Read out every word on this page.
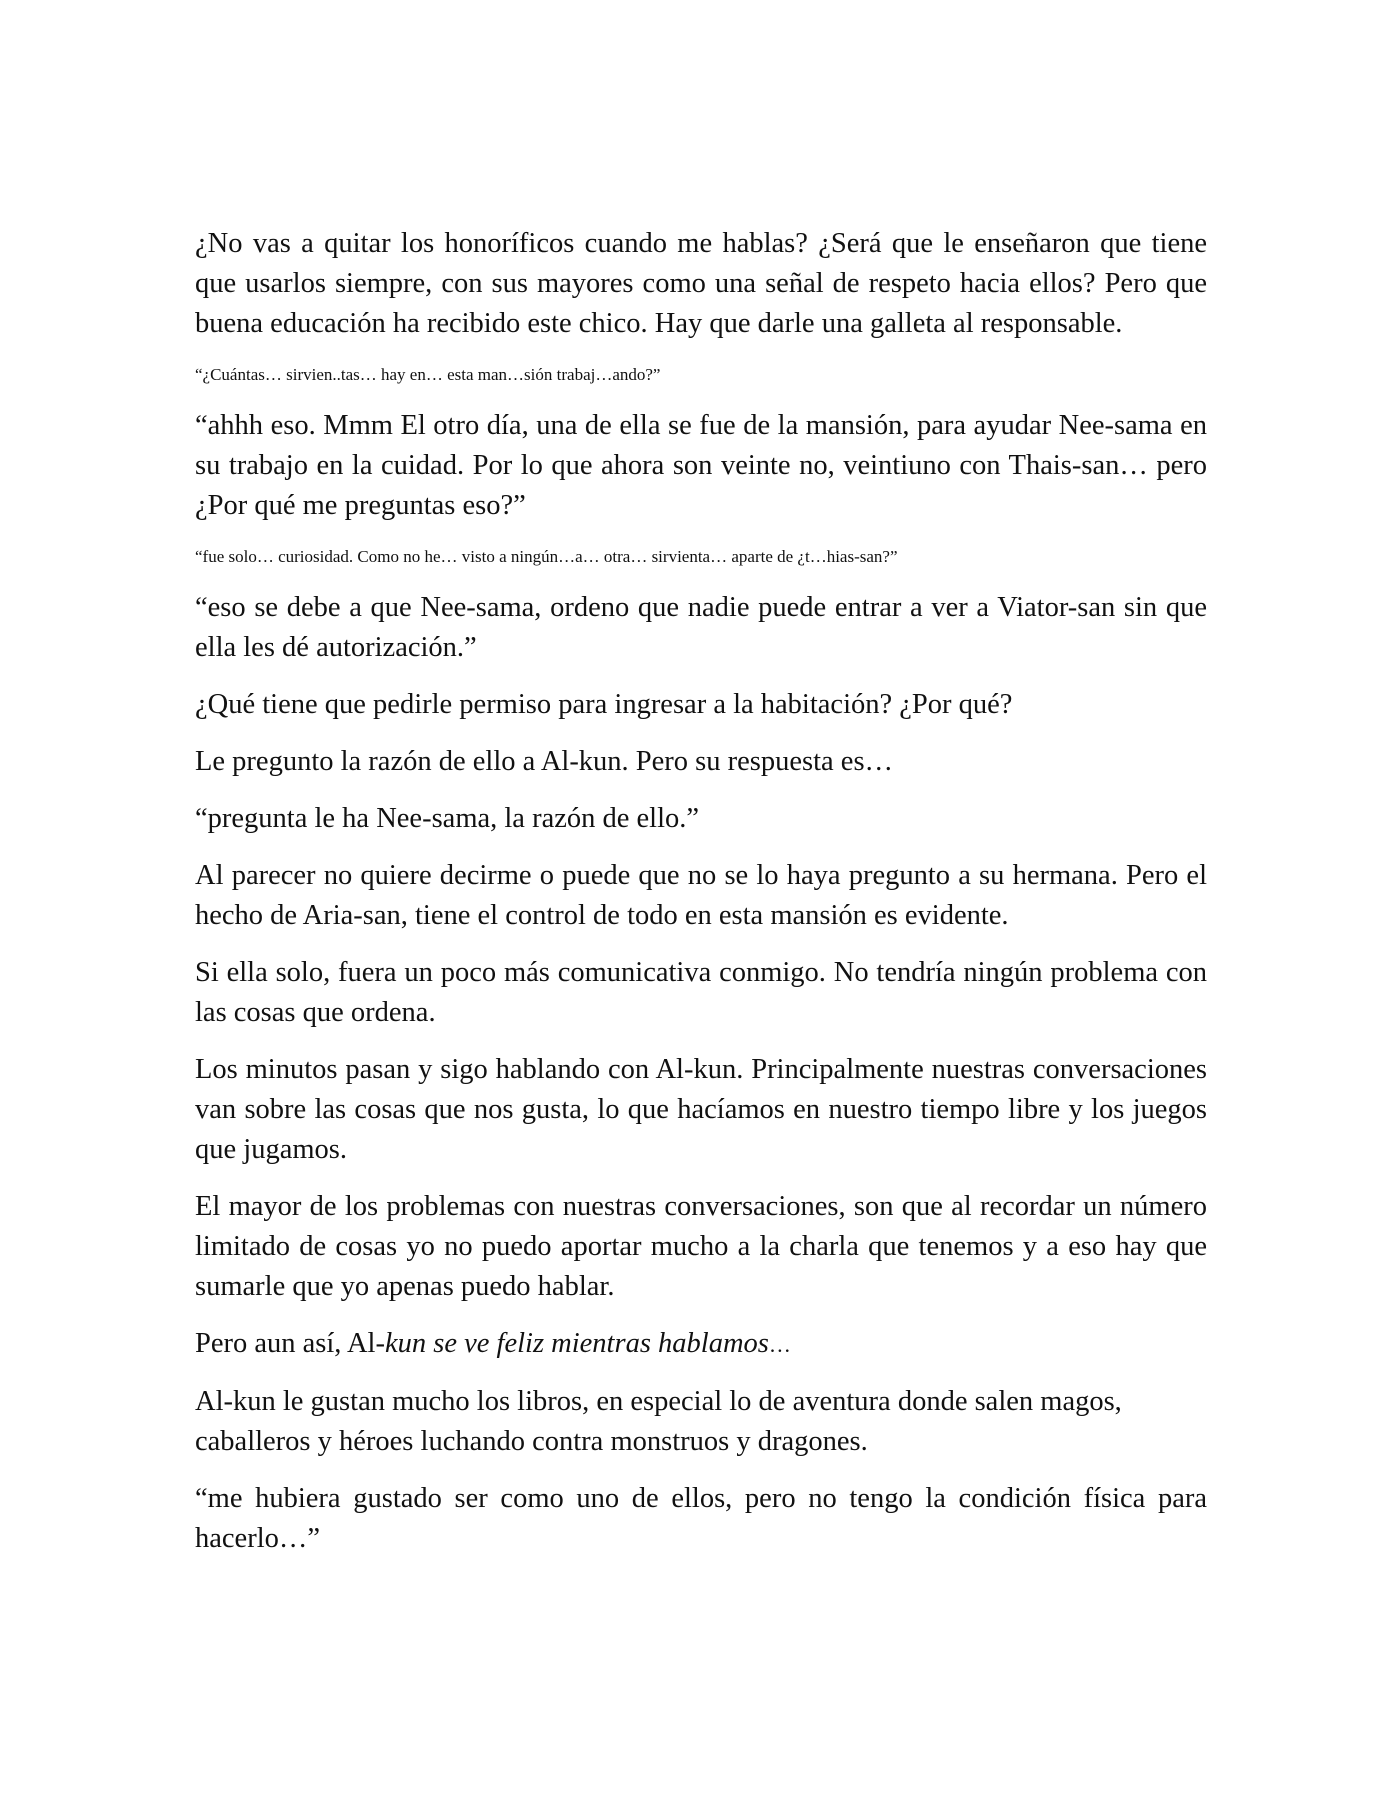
¿No vas a quitar los honoríficos cuando me hablas? ¿Será que le enseñaron que tiene que usarlos siempre, con sus mayores como una señal de respeto hacia ellos? Pero que buena educación ha recibido este chico. Hay que darle una galleta al responsable.

“¿Cuántas… sirvien..tas… hay en… esta man…sión trabaj…ando?”

“ahhh eso. Mmm El otro día, una de ella se fue de la mansión, para ayudar Nee-sama en su trabajo en la cuidad. Por lo que ahora son veinte no, veintiuno con Thais-san… pero ¿Por qué me preguntas eso?”

“fue solo… curiosidad. Como no he… visto a ningún…a… otra… sirvienta… aparte de ¿t…hias-san?”

“eso se debe a que Nee-sama, ordeno que nadie puede entrar a ver a Viator-san sin que ella les dé autorización.”

¿Qué tiene que pedirle permiso para ingresar a la habitación? ¿Por qué?

Le pregunto la razón de ello a Al-kun. Pero su respuesta es…

“pregunta le ha Nee-sama, la razón de ello.”

Al parecer no quiere decirme o puede que no se lo haya pregunto a su hermana. Pero el hecho de Aria-san, tiene el control de todo en esta mansión es evidente.

Si ella solo, fuera un poco más comunicativa conmigo. No tendría ningún problema con las cosas que ordena.

Los minutos pasan y sigo hablando con Al-kun. Principalmente nuestras conversaciones van sobre las cosas que nos gusta, lo que hacíamos en nuestro tiempo libre y los juegos que jugamos.

El mayor de los problemas con nuestras conversaciones, son que al recordar un número limitado de cosas yo no puedo aportar mucho a la charla que tenemos y a eso hay que sumarle que yo apenas puedo hablar.

Pero aun así, Al-kun se ve feliz mientras hablamos…

Al-kun le gustan mucho los libros, en especial lo de aventura donde salen magos, caballeros y héroes luchando contra monstruos y dragones.

“me hubiera gustado ser como uno de ellos, pero no tengo la condición física para hacerlo…”
